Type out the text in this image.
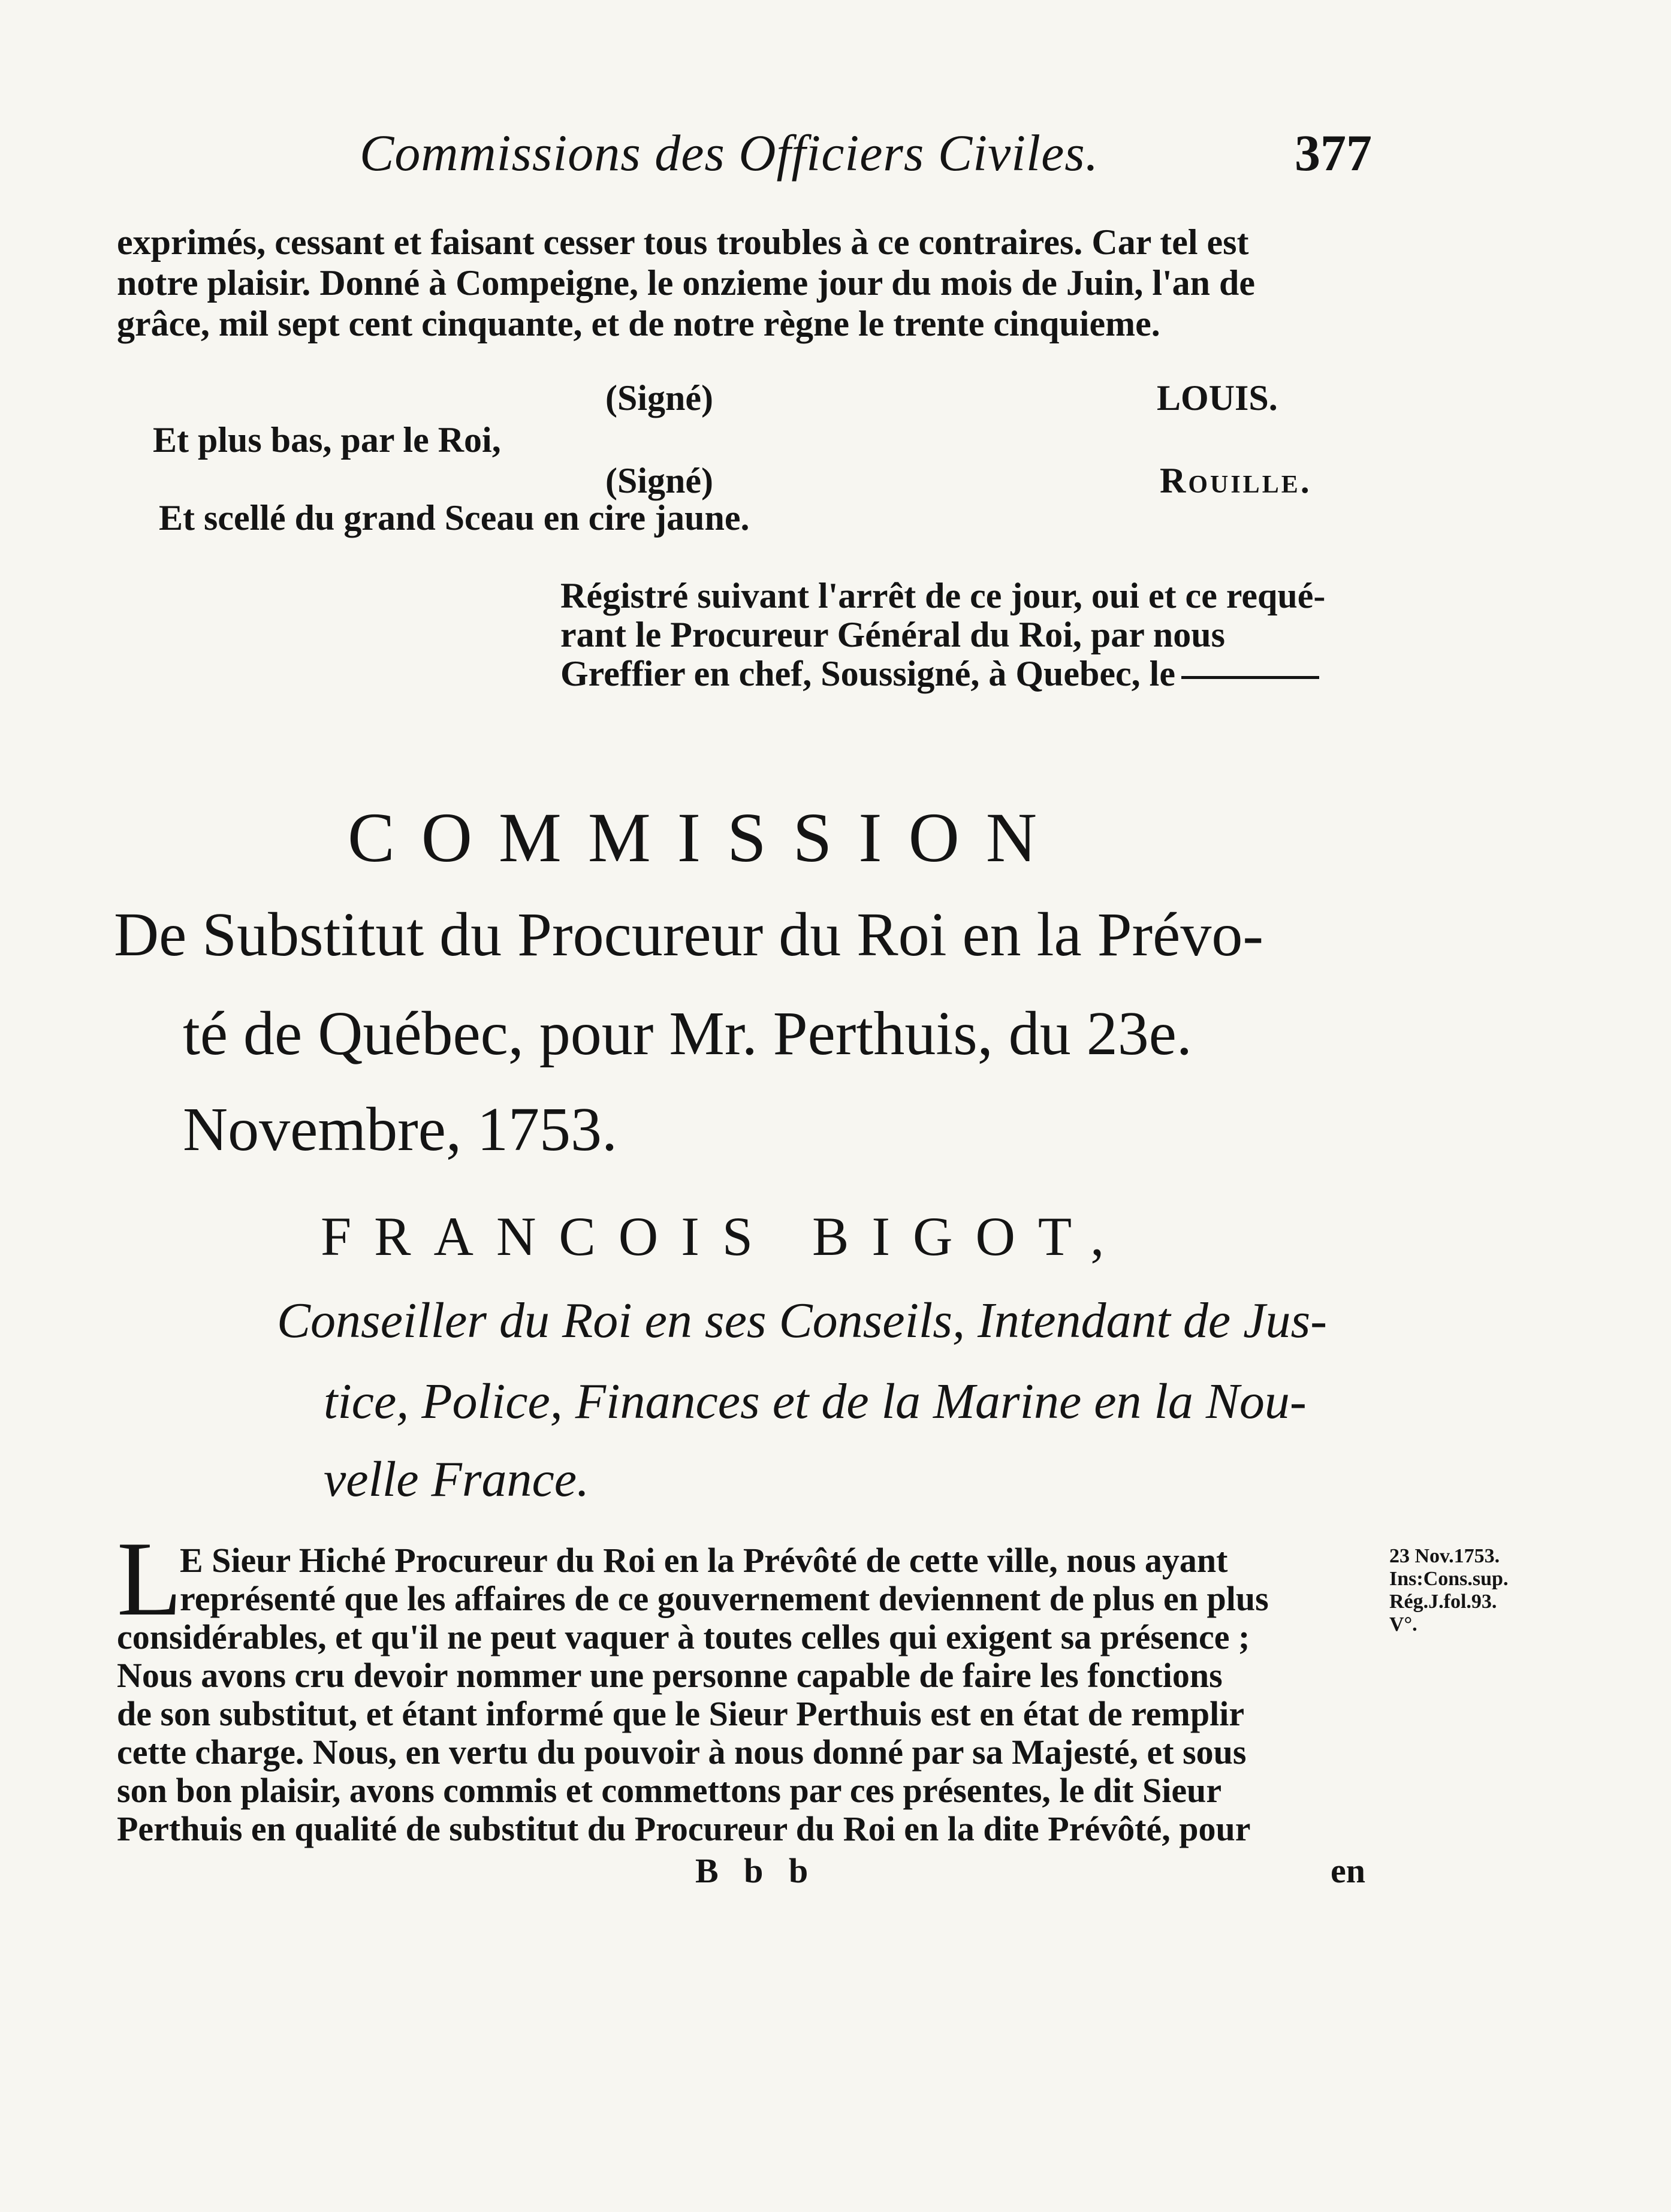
Commissions des Officiers Civiles.	377
exprimés, cessant et faisant cesser tous troubles à ce contraires. Car tel est
notre plaisir. Donné à Compeigne, le onzieme jour du mois de Juin, l'an de
grâce, mil sept cent cinquante, et de notre règne le trente cinquieme.
(Signé)	LOUIS.
Et plus bas, par le Roi,
(Signé)	Rouille.
Et scellé du grand Sceau en cire jaune.
Régistré suivant l'arrêt de ce jour, oui et ce requé-
rant le Procureur Général du Roi, par nous
Greffier en chef, Soussigné, à Quebec, le
COMMISSION
De Substitut du Procureur du Roi en la Prévo-
té de Québec, pour Mr. Perthuis, du 23e.
Novembre, 1753.
FRANCOIS BIGOT,
Conseiller du Roi en ses Conseils, Intendant de Jus-
tice, Police, Finances et de la Marine en la Nou-
velle France.
L
E Sieur Hiché Procureur du Roi en la Prévôté de cette ville, nous ayant
représenté que les affaires de ce gouvernement deviennent de plus en plus
considérables, et qu'il ne peut vaquer à toutes celles qui exigent sa présence ;
Nous avons cru devoir nommer une personne capable de faire les fonctions
de son substitut, et étant informé que le Sieur Perthuis est en état de remplir
cette charge. Nous, en vertu du pouvoir à nous donné par sa Majesté, et sous
son bon plaisir, avons commis et commettons par ces présentes, le dit Sieur
Perthuis en qualité de substitut du Procureur du Roi en la dite Prévôté, pour
23 Nov.1753.
Ins:Cons.sup.
Rég.J.fol.93.
V°.
B b b	en
